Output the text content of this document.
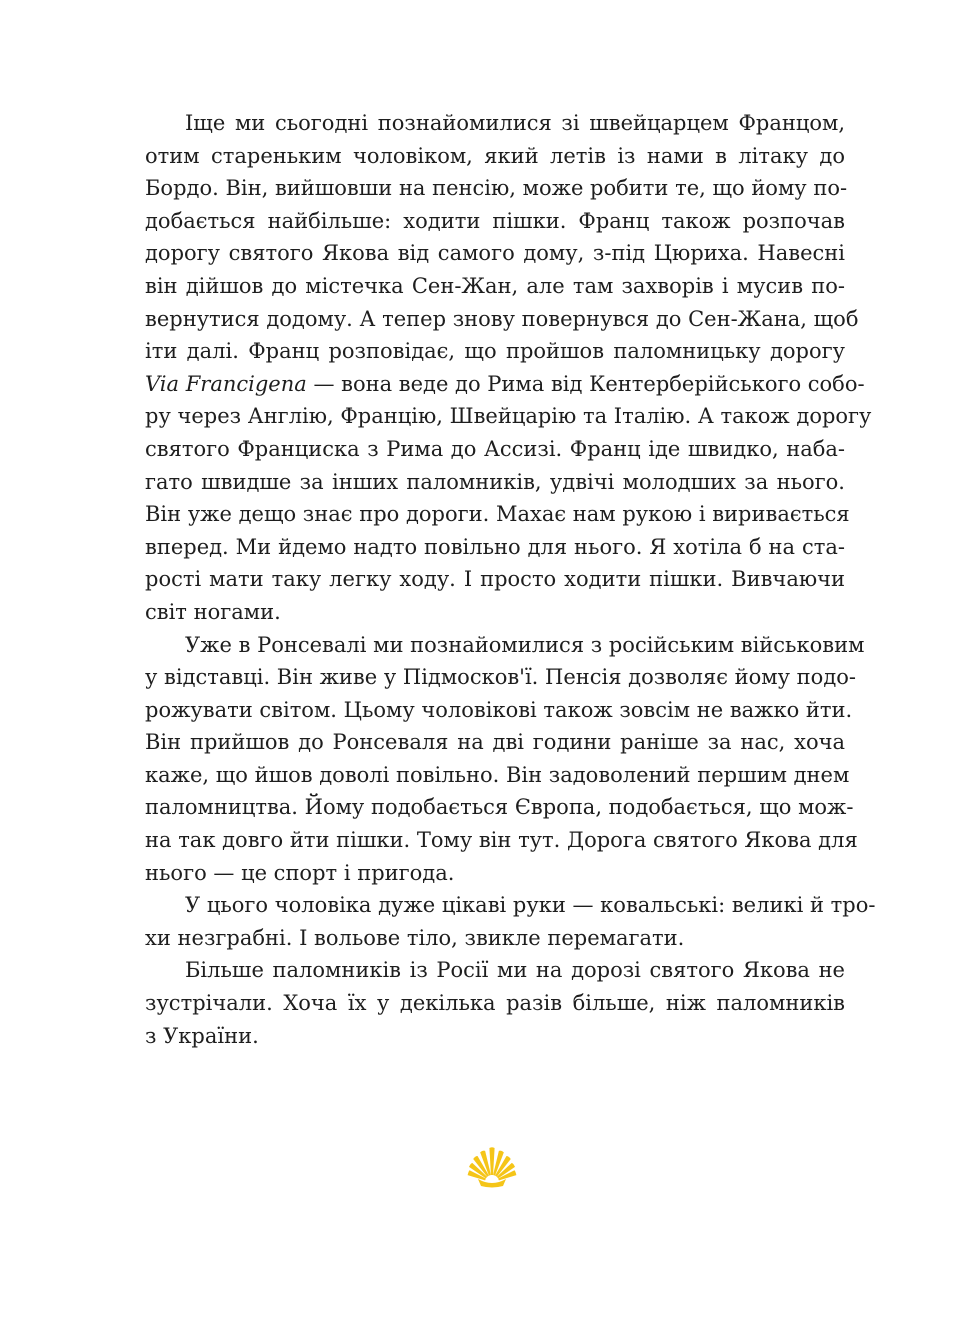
Іще ми сьогодні познайомилися зі швейцарцем Францом,
отим стареньким чоловіком, який летів із нами в літаку до
Бордо. Він, вийшовши на пенсію, може робити те, що йому по-
добається найбільше: ходити пішки. Франц також розпочав
дорогу святого Якова від самого дому, з-під Цюриха. Навесні
він дійшов до містечка Сен-Жан, але там захворів і мусив по-
вернутися додому. А тепер знову повернувся до Сен-Жана, щоб
іти далі. Франц розповідає, що пройшов паломницьку дорогу
Via Francigena — вона веде до Рима від Кентерберійського собо-
ру через Англію, Францію, Швейцарію та Італію. А також дорогу
святого Франциска з Рима до Ассизі. Франц іде швидко, наба-
гато швидше за інших паломників, удвічі молодших за нього.
Він уже дещо знає про дороги. Махає нам рукою і виривається
вперед. Ми йдемо надто повільно для нього. Я хотіла б на ста-
рості мати таку легку ходу. І просто ходити пішки. Вивчаючи
світ ногами.
Уже в Ронсевалі ми познайомилися з російським військовим
у відставці. Він живе у Підмосков'ї. Пенсія дозволяє йому подо-
рожувати світом. Цьому чоловікові також зовсім не важко йти.
Він прийшов до Ронсеваля на дві години раніше за нас, хоча
каже, що йшов доволі повільно. Він задоволений першим днем
паломництва. Йому подобається Європа, подобається, що мож-
на так довго йти пішки. Тому він тут. Дорога святого Якова для
нього — це спорт і пригода.
У цього чоловіка дуже цікаві руки — ковальські: великі й тро-
хи незграбні. І вольове тіло, звикле перемагати.
Більше паломників із Росії ми на дорозі святого Якова не
зустрічали. Хоча їх у декілька разів більше, ніж паломників
з України.
